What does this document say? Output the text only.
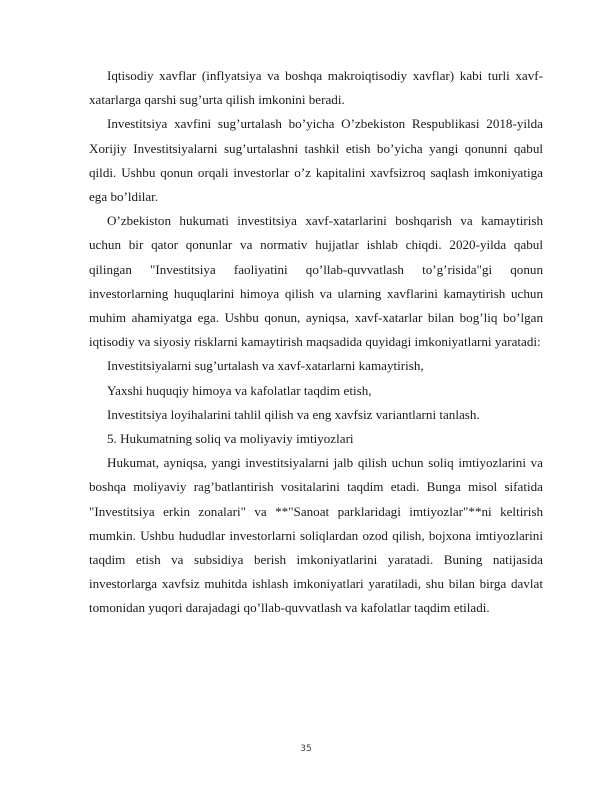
Iqtisodiy xavflar (inflyatsiya va boshqa makroiqtisodiy xavflar) kabi turli xavf-xatarlarga qarshi sug’urta qilish imkonini beradi.

Investitsiya xavfini sug’urtalash bo’yicha O’zbekiston Respublikasi 2018-yilda Xorijiy Investitsiyalarni sug’urtalashni tashkil etish bo’yicha yangi qonunni qabul qildi. Ushbu qonun orqali investorlar o’z kapitalini xavfsizroq saqlash imkoniyatiga ega bo’ldilar.

O’zbekiston hukumati investitsiya xavf-xatarlarini boshqarish va kamaytirish uchun bir qator qonunlar va normativ hujjatlar ishlab chiqdi. 2020-yilda qabul qilingan "Investitsiya faoliyatini qo’llab-quvvatlash to’g’risida"gi qonun investorlarning huquqlarini himoya qilish va ularning xavflarini kamaytirish uchun muhim ahamiyatga ega. Ushbu qonun, ayniqsa, xavf-xatarlar bilan bog’liq bo’lgan iqtisodiy va siyosiy risklarni kamaytirish maqsadida quyidagi imkoniyatlarni yaratadi:

Investitsiyalarni sug’urtalash va xavf-xatarlarni kamaytirish,

Yaxshi huquqiy himoya va kafolatlar taqdim etish,

Investitsiya loyihalarini tahlil qilish va eng xavfsiz variantlarni tanlash.

5. Hukumatning soliq va moliyaviy imtiyozlari

Hukumat, ayniqsa, yangi investitsiyalarni jalb qilish uchun soliq imtiyozlarini va boshqa moliyaviy rag’batlantirish vositalarini taqdim etadi. Bunga misol sifatida "Investitsiya erkin zonalari" va **"Sanoat parklaridagi imtiyozlar"**ni keltirish mumkin. Ushbu hududlar investorlarni soliqlardan ozod qilish, bojxona imtiyozlarini taqdim etish va subsidiya berish imkoniyatlarini yaratadi. Buning natijasida investorlarga xavfsiz muhitda ishlash imkoniyatlari yaratiladi, shu bilan birga davlat tomonidan yuqori darajadagi qo’llab-quvvatlash va kafolatlar taqdim etiladi.

35
